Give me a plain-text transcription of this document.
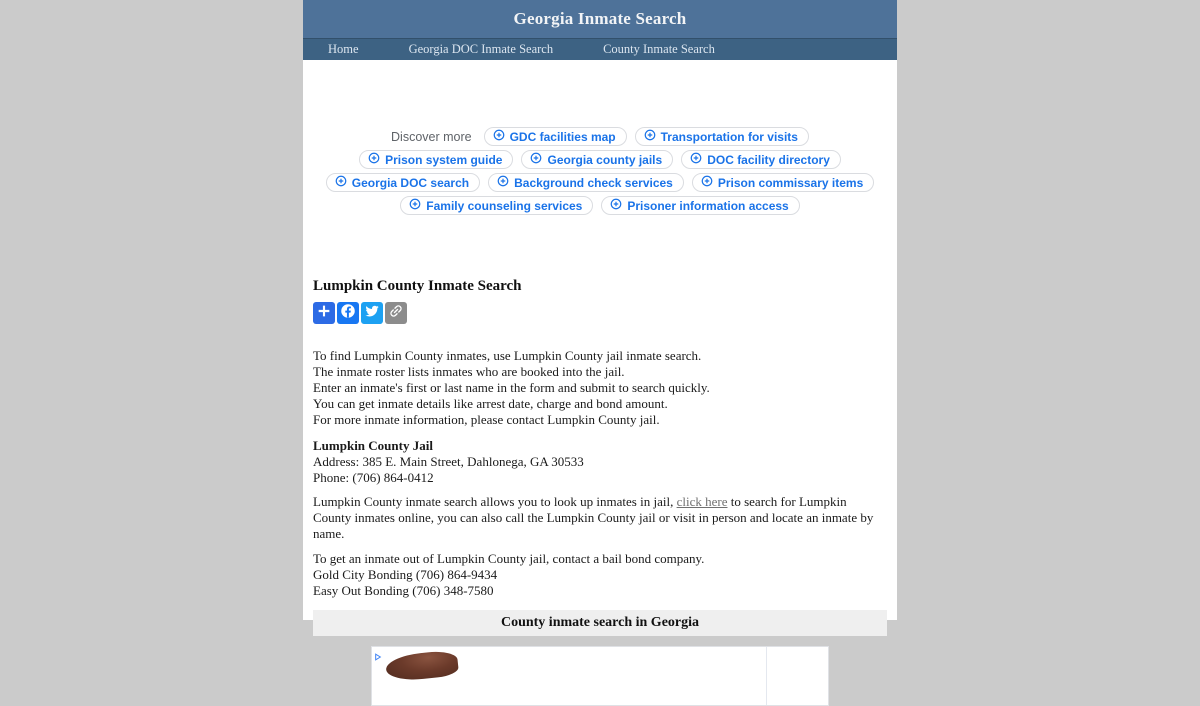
Georgia Inmate Search
Home	Georgia DOC Inmate Search	County Inmate Search
Discover more	GDC facilities map	Transportation for visits
Prison system guide	Georgia county jails	DOC facility directory
Georgia DOC search	Background check services	Prison commissary items
Family counseling services	Prisoner information access
Lumpkin County Inmate Search
To find Lumpkin County inmates, use Lumpkin County jail inmate search.
The inmate roster lists inmates who are booked into the jail.
Enter an inmate's first or last name in the form and submit to search quickly.
You can get inmate details like arrest date, charge and bond amount.
For more inmate information, please contact Lumpkin County jail.
Lumpkin County Jail
Address: 385 E. Main Street, Dahlonega, GA 30533
Phone: (706) 864-0412
Lumpkin County inmate search allows you to look up inmates in jail, click here to search for Lumpkin County inmates online, you can also call the Lumpkin County jail or visit in person and locate an inmate by name.
To get an inmate out of Lumpkin County jail, contact a bail bond company.
Gold City Bonding (706) 864-9434
Easy Out Bonding (706) 348-7580
County inmate search in Georgia
